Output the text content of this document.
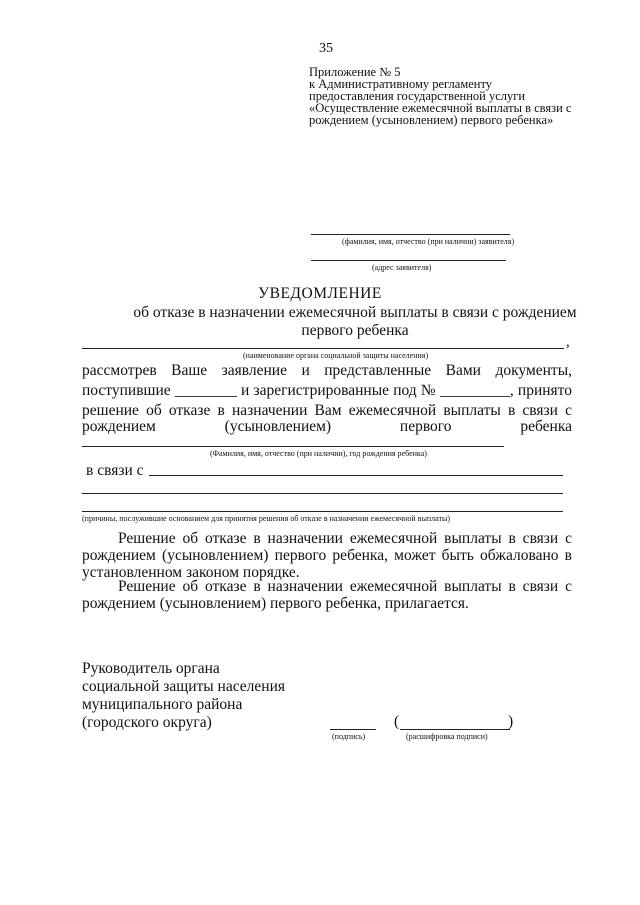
35
Приложение № 5
к Административному регламенту
предоставления государственной услуги
«Осуществление ежемесячной выплаты в связи с
рождением (усыновлением) первого ребенка»
(фамилия, имя, отчество (при наличии) заявителя)
(адрес заявителя)
УВЕДОМЛЕНИЕ
об отказе в назначении ежемесячной выплаты в связи с рождением первого ребенка
,
(наименование органа социальной защиты населения)
рассмотрев Ваше заявление и представленные Вами документы,
поступившие ________ и зарегистрированные под № _________, принято
решение об отказе в назначении Вам ежемесячной выплаты в связи с
рождением (усыновлением) первого ребенка
(Фамилия, имя, отчество (при наличии), год рождения ребенка)
в связи с
(причины, послужившие основанием для принятия решения об отказе в назначении ежемесячной выплаты)
Решение об отказе в назначении ежемесячной выплаты в связи с
рождением (усыновлением) первого ребенка, может быть обжаловано в
установленном законом порядке.
Решение об отказе в назначении ежемесячной выплаты в связи с
рождением (усыновлением) первого ребенка, прилагается.
Руководитель органа
социальной защиты населения
муниципального района
(городского округа)
(подпись)
(	)
(расшифровка подписи)
